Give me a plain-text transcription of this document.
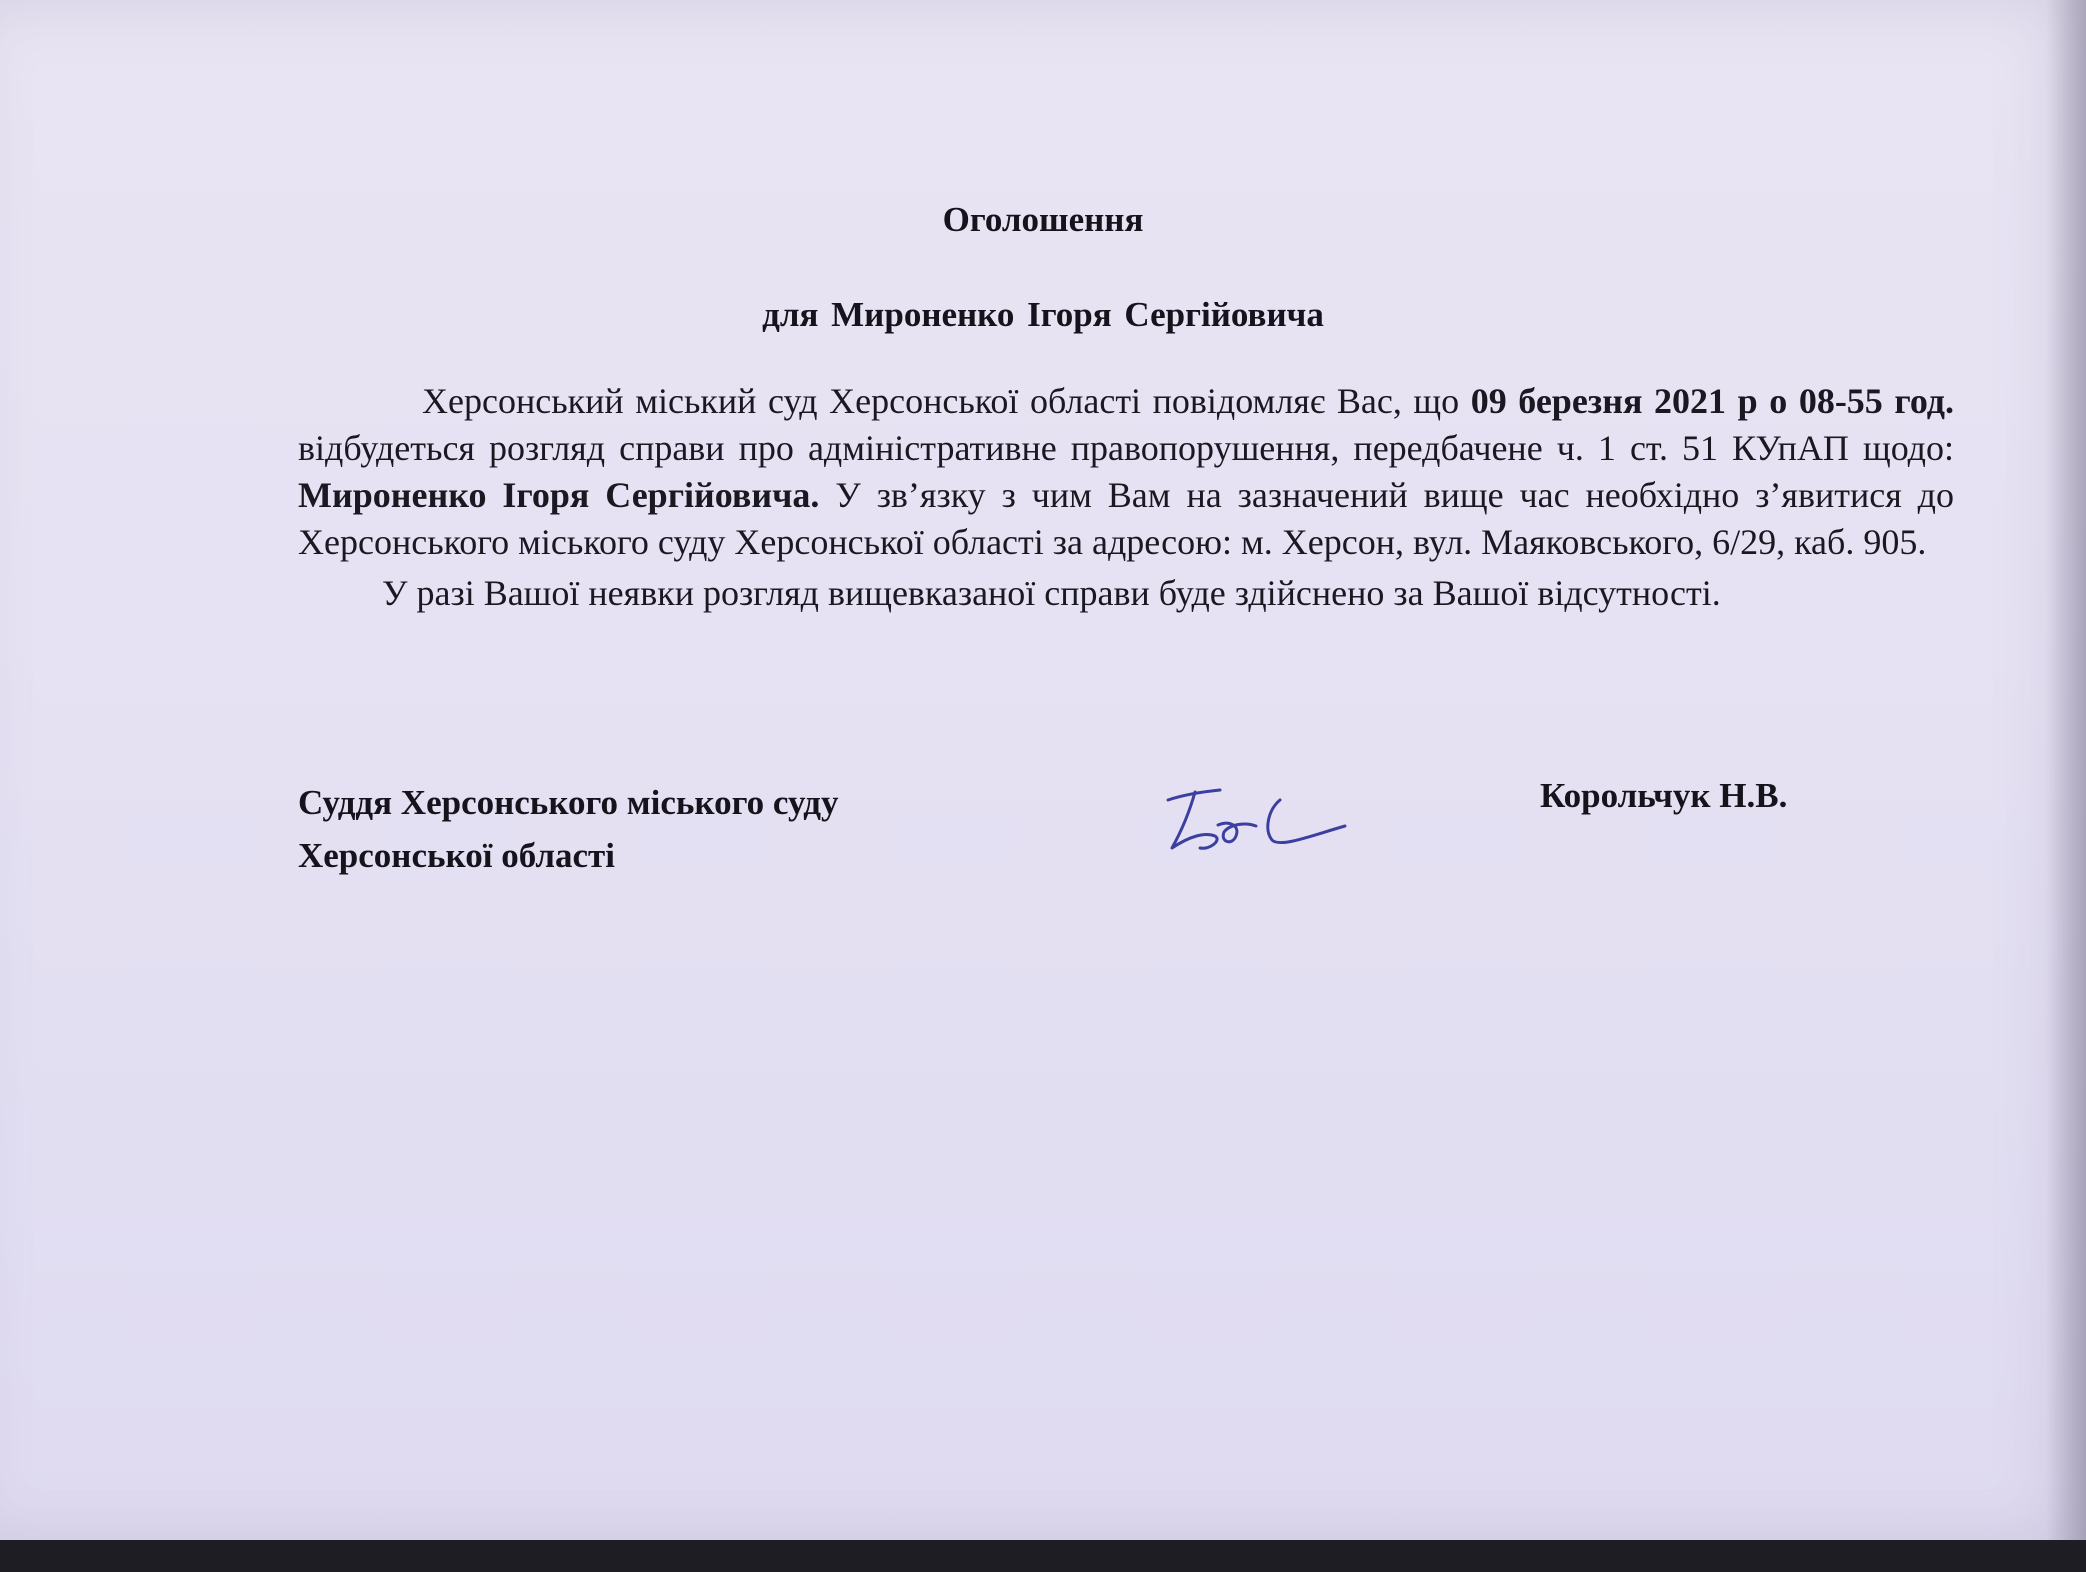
Оголошення
для Мироненко Ігоря Сергійовича

Херсонський міський суд Херсонської області повідомляє Вас, що 09 березня 2021 р о 08-55 год. відбудеться розгляд справи про адміністративне правопорушення, передбачене ч. 1 ст. 51 КУпАП щодо: Мироненко Ігоря Сергійовича. У зв’язку з чим Вам на зазначений вище час необхідно з’явитися до Херсонського міського суду Херсонської області за адресою: м. Херсон, вул. Маяковського, 6/29, каб. 905.

У разі Вашої неявки розгляд вищевказаної справи буде здійснено за Вашої відсутності.

Суддя Херсонського міського суду
Херсонської області
Корольчук Н.В.
